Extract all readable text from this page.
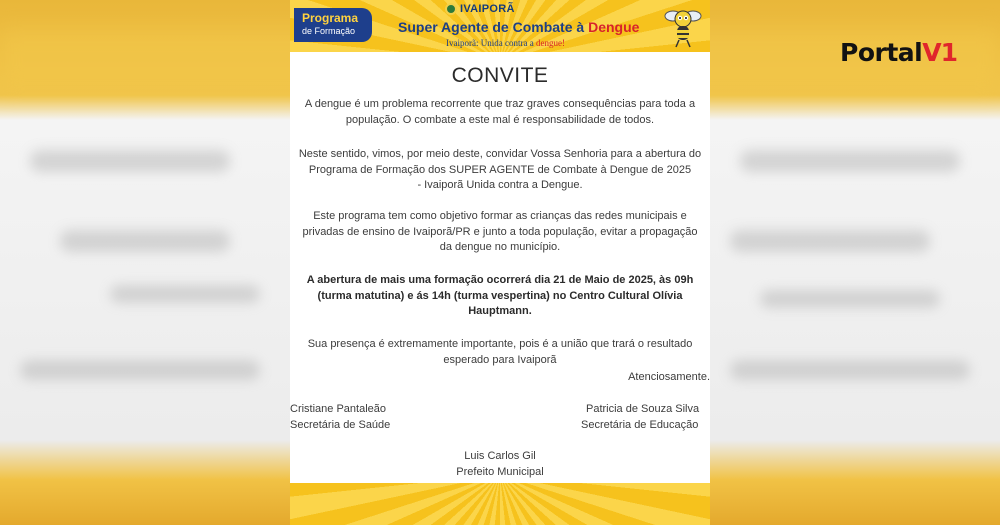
Programa
de Formação
IVAIPORÃ
Super Agente de Combate à Dengue
Ivaiporã: Unida contra a dengue!
CONVITE
A dengue é um problema recorrente que traz graves consequências para toda a
população. O combate a este mal é responsabilidade de todos.
Neste sentido, vimos, por meio deste, convidar Vossa Senhoria para a abertura do
Programa de Formação dos SUPER AGENTE de Combate à Dengue de 2025
- Ivaiporã Unida contra a Dengue.
Este programa tem como objetivo formar as crianças das redes municipais e
privadas de ensino de Ivaiporã/PR e junto a toda população, evitar a propagação
da dengue no município.
A abertura de mais uma formação ocorrerá dia 21 de Maio de 2025, às 09h
(turma matutina) e ás 14h (turma vespertina) no Centro Cultural Olívia
Hauptmann.
Sua presença é extremamente importante, pois é a união que trará o resultado
esperado para Ivaiporã
Atenciosamente.
Cristiane Pantaleão
Secretária de Saúde
Patricia de Souza Silva
Secretária de Educação
Luis Carlos Gil
Prefeito Municipal
PortalV1
